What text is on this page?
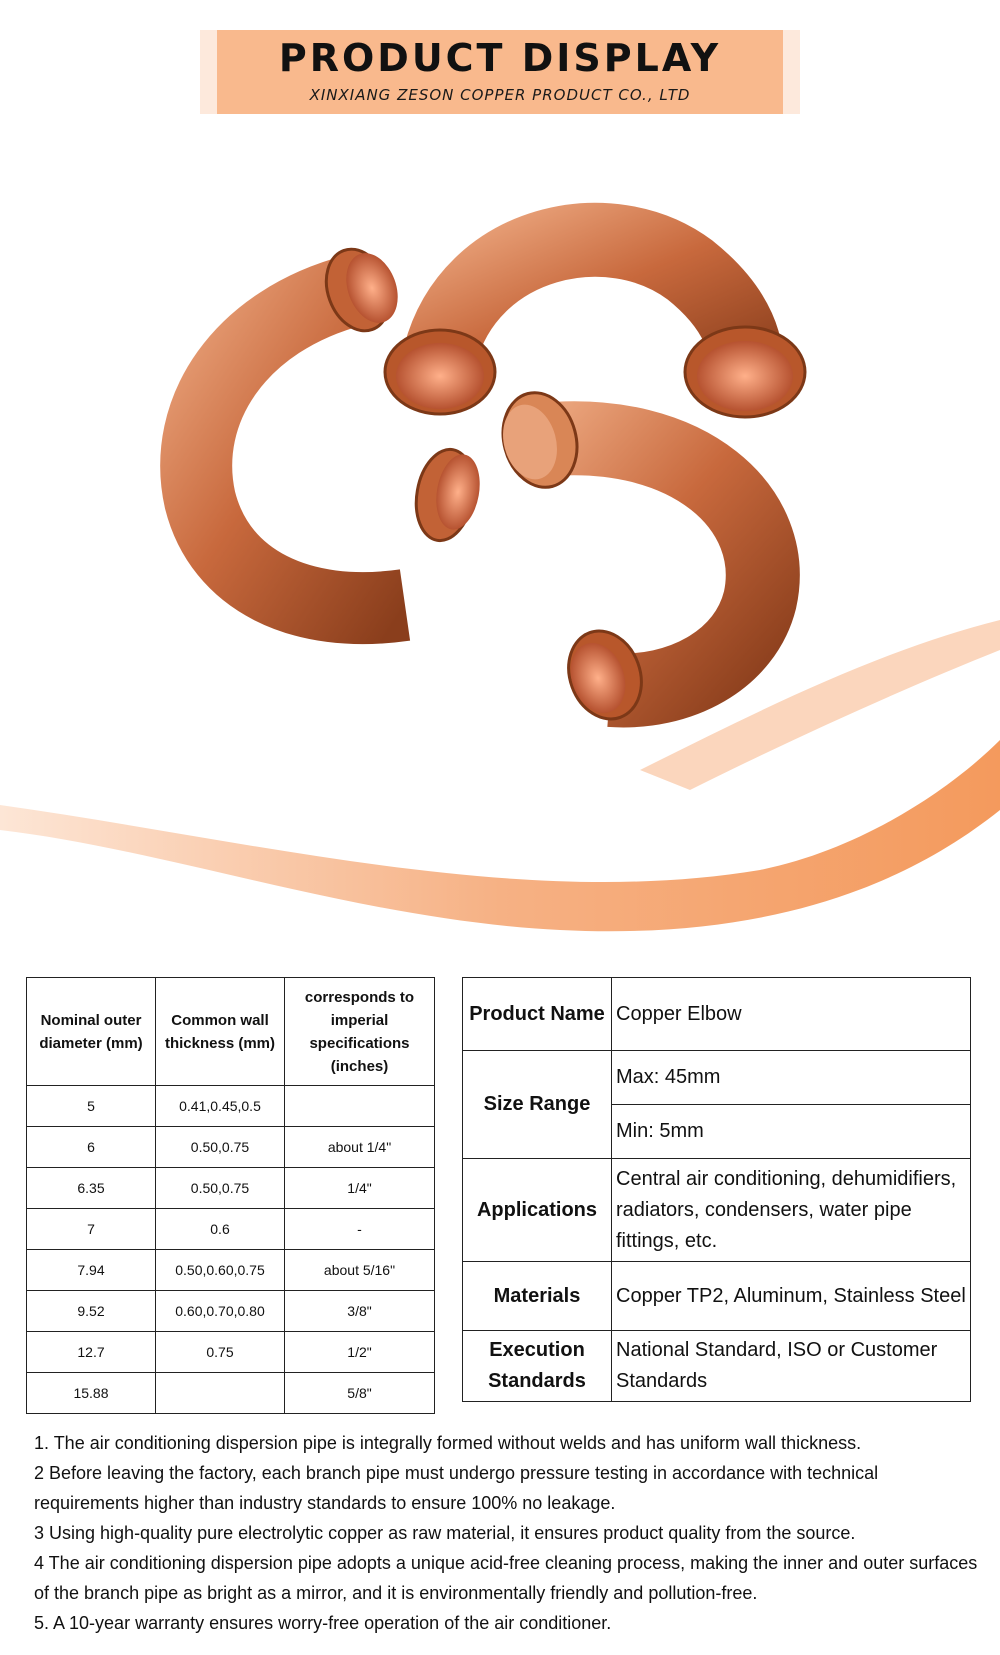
PRODUCT DISPLAY
XINXIANG ZESON COPPER PRODUCT CO., LTD
Nominal outer diameter (mm)	Common wall thickness (mm)	corresponds to imperial specifications (inches)
5	0.41,0.45,0.5	
6	0.50,0.75	about 1/4"
6.35	0.50,0.75	1/4"
7	0.6	-
7.94	0.50,0.60,0.75	about 5/16"
9.52	0.60,0.70,0.80	3/8"
12.7	0.75	1/2"
15.88		5/8"
Product Name	Copper Elbow
Size Range	Max: 45mm
	Min: 5mm
Applications	Central air conditioning, dehumidifiers, radiators, condensers, water pipe fittings, etc.
Materials	Copper TP2, Aluminum, Stainless Steel
Execution Standards	National Standard, ISO or Customer Standards

1. The air conditioning dispersion pipe is integrally formed without welds and has uniform wall thickness.

2 Before leaving the factory, each branch pipe must undergo pressure testing in accordance with technical requirements higher than industry standards to ensure 100% no leakage.

3 Using high-quality pure electrolytic copper as raw material, it ensures product quality from the source.

4 The air conditioning dispersion pipe adopts a unique acid-free cleaning process, making the inner and outer surfaces of the branch pipe as bright as a mirror, and it is environmentally friendly and pollution-free.

5. A 10-year warranty ensures worry-free operation of the air conditioner.
